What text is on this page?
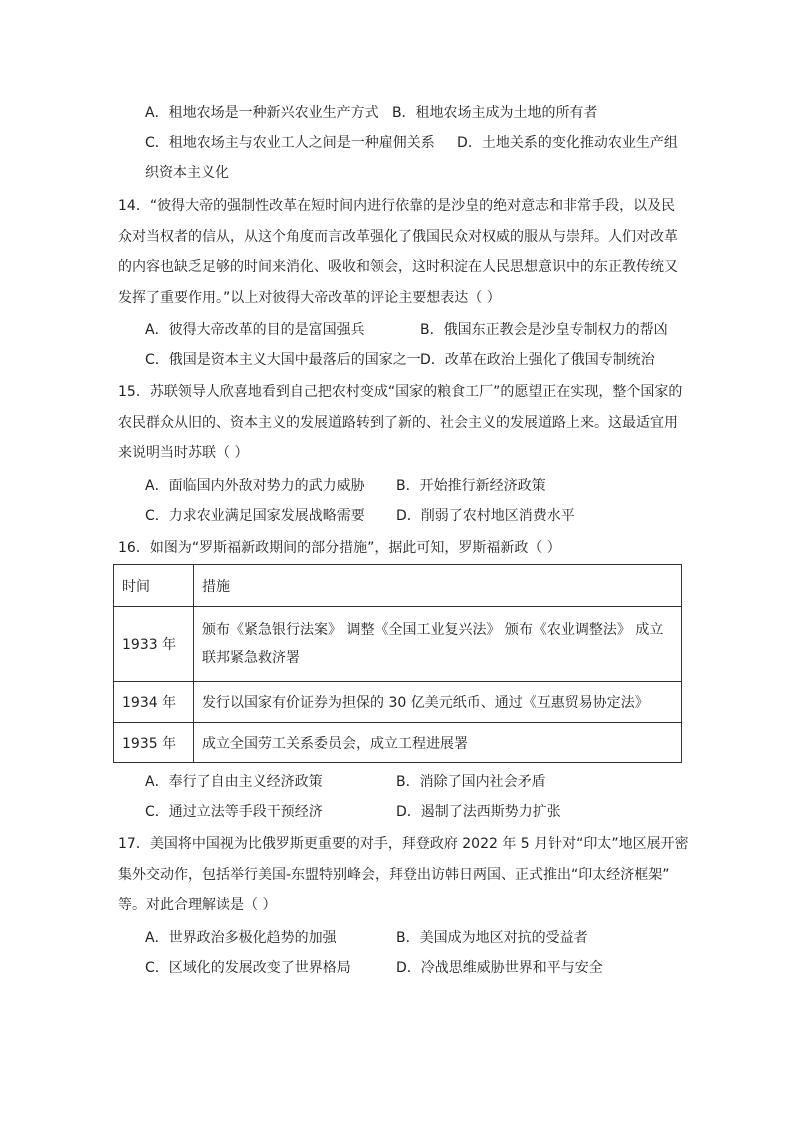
A．租地农场是一种新兴农业生产方式 B．租地农场主成为土地的所有者
C．租地农场主与农业工人之间是一种雇佣关系 D．土地关系的变化推动农业生产组
织资本主义化
14．“彼得大帝的强制性改革在短时间内进行依靠的是沙皇的绝对意志和非常手段，以及民
众对当权者的信从，从这个角度而言改革强化了俄国民众对权威的服从与崇拜。人们对改革
的内容也缺乏足够的时间来消化、吸收和领会，这时积淀在人民思想意识中的东正教传统又
发挥了重要作用。”以上对彼得大帝改革的评论主要想表达（ ）
A．彼得大帝改革的目的是富国强兵	B．俄国东正教会是沙皇专制权力的帮凶
C．俄国是资本主义大国中最落后的国家之一 D．改革在政治上强化了俄国专制统治
15．苏联领导人欣喜地看到自己把农村变成“国家的粮食工厂”的愿望正在实现，整个国家的
农民群众从旧的、资本主义的发展道路转到了新的、社会主义的发展道路上来。这最适宜用
来说明当时苏联（ ）
A．面临国内外敌对势力的武力威胁 B．开始推行新经济政策
C．力求农业满足国家发展战略需要 D．削弱了农村地区消费水平
16．如图为“罗斯福新政期间的部分措施”，据此可知，罗斯福新政（ ）
时间	措施
1933 年	颁布《紧急银行法案》 调整《全国工业复兴法》 颁布《农业调整法》 成立
联邦紧急救济署

1934 年	发行以国家有价证券为担保的 30 亿美元纸币、通过《互惠贸易协定法》
1935 年	成立全国劳工关系委员会，成立工程进展署
A．奉行了自由主义经济政策	B．消除了国内社会矛盾
C．通过立法等手段干预经济	D．遏制了法西斯势力扩张
17．美国将中国视为比俄罗斯更重要的对手，拜登政府 2022 年 5 月针对“印太”地区展开密
集外交动作，包括举行美国-东盟特别峰会，拜登出访韩日两国、正式推出“印太经济框架”
等。对此合理解读是（ ）
A．世界政治多极化趋势的加强	B．美国成为地区对抗的受益者
C．区域化的发展改变了世界格局	D．冷战思维威胁世界和平与安全
